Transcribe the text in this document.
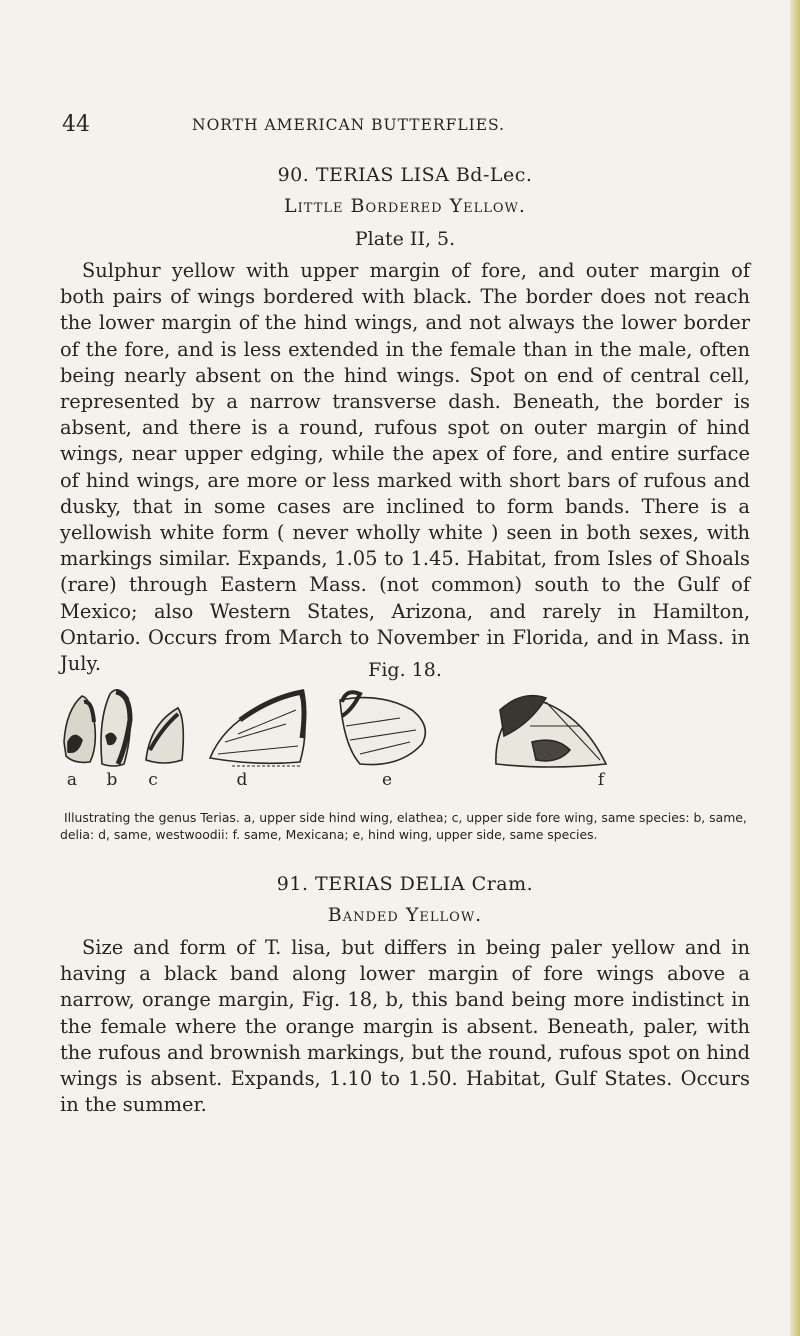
44	NORTH AMERICAN BUTTERFLIES.
90. TERIAS LISA Bd-Lec.
Little Bordered Yellow.
Plate II, 5.

Sulphur yellow with upper margin of fore, and outer margin of both pairs of wings bordered with black. The border does not reach the lower margin of the hind wings, and not always the lower border of the fore, and is less extended in the female than in the male, often being nearly absent on the hind wings. Spot on end of central cell, represented by a narrow transverse dash. Beneath, the border is absent, and there is a round, rufous spot on outer margin of hind wings, near upper edging, while the apex of fore, and entire surface of hind wings, are more or less marked with short bars of rufous and dusky, that in some cases are inclined to form bands. There is a yellowish white form ( never wholly white ) seen in both sexes, with markings similar. Expands, 1.05 to 1.45. Habitat, from Isles of Shoals (rare) through Eastern Mass. (not common) south to the Gulf of Mexico; also Western States, Arizona, and rarely in Hamilton, Ontario. Occurs from March to November in Florida, and in Mass. in July.	Fig. 18.
a b c	d	e	f

Illustrating the genus Terias. a, upper side hind wing, elathea; c, upper side fore wing, same species: b, same, delia: d, same, westwoodii: f. same, Mexicana; e, hind wing, upper side, same species.

91. TERIAS DELIA Cram.
Banded Yellow.

Size and form of T. lisa, but differs in being paler yellow and in having a black band along lower margin of fore wings above a narrow, orange margin, Fig. 18, b, this band being more indistinct in the female where the orange margin is absent. Beneath, paler, with the rufous and brownish markings, but the round, rufous spot on hind wings is absent. Expands, 1.10 to 1.50. Habitat, Gulf States. Occurs in the summer.
